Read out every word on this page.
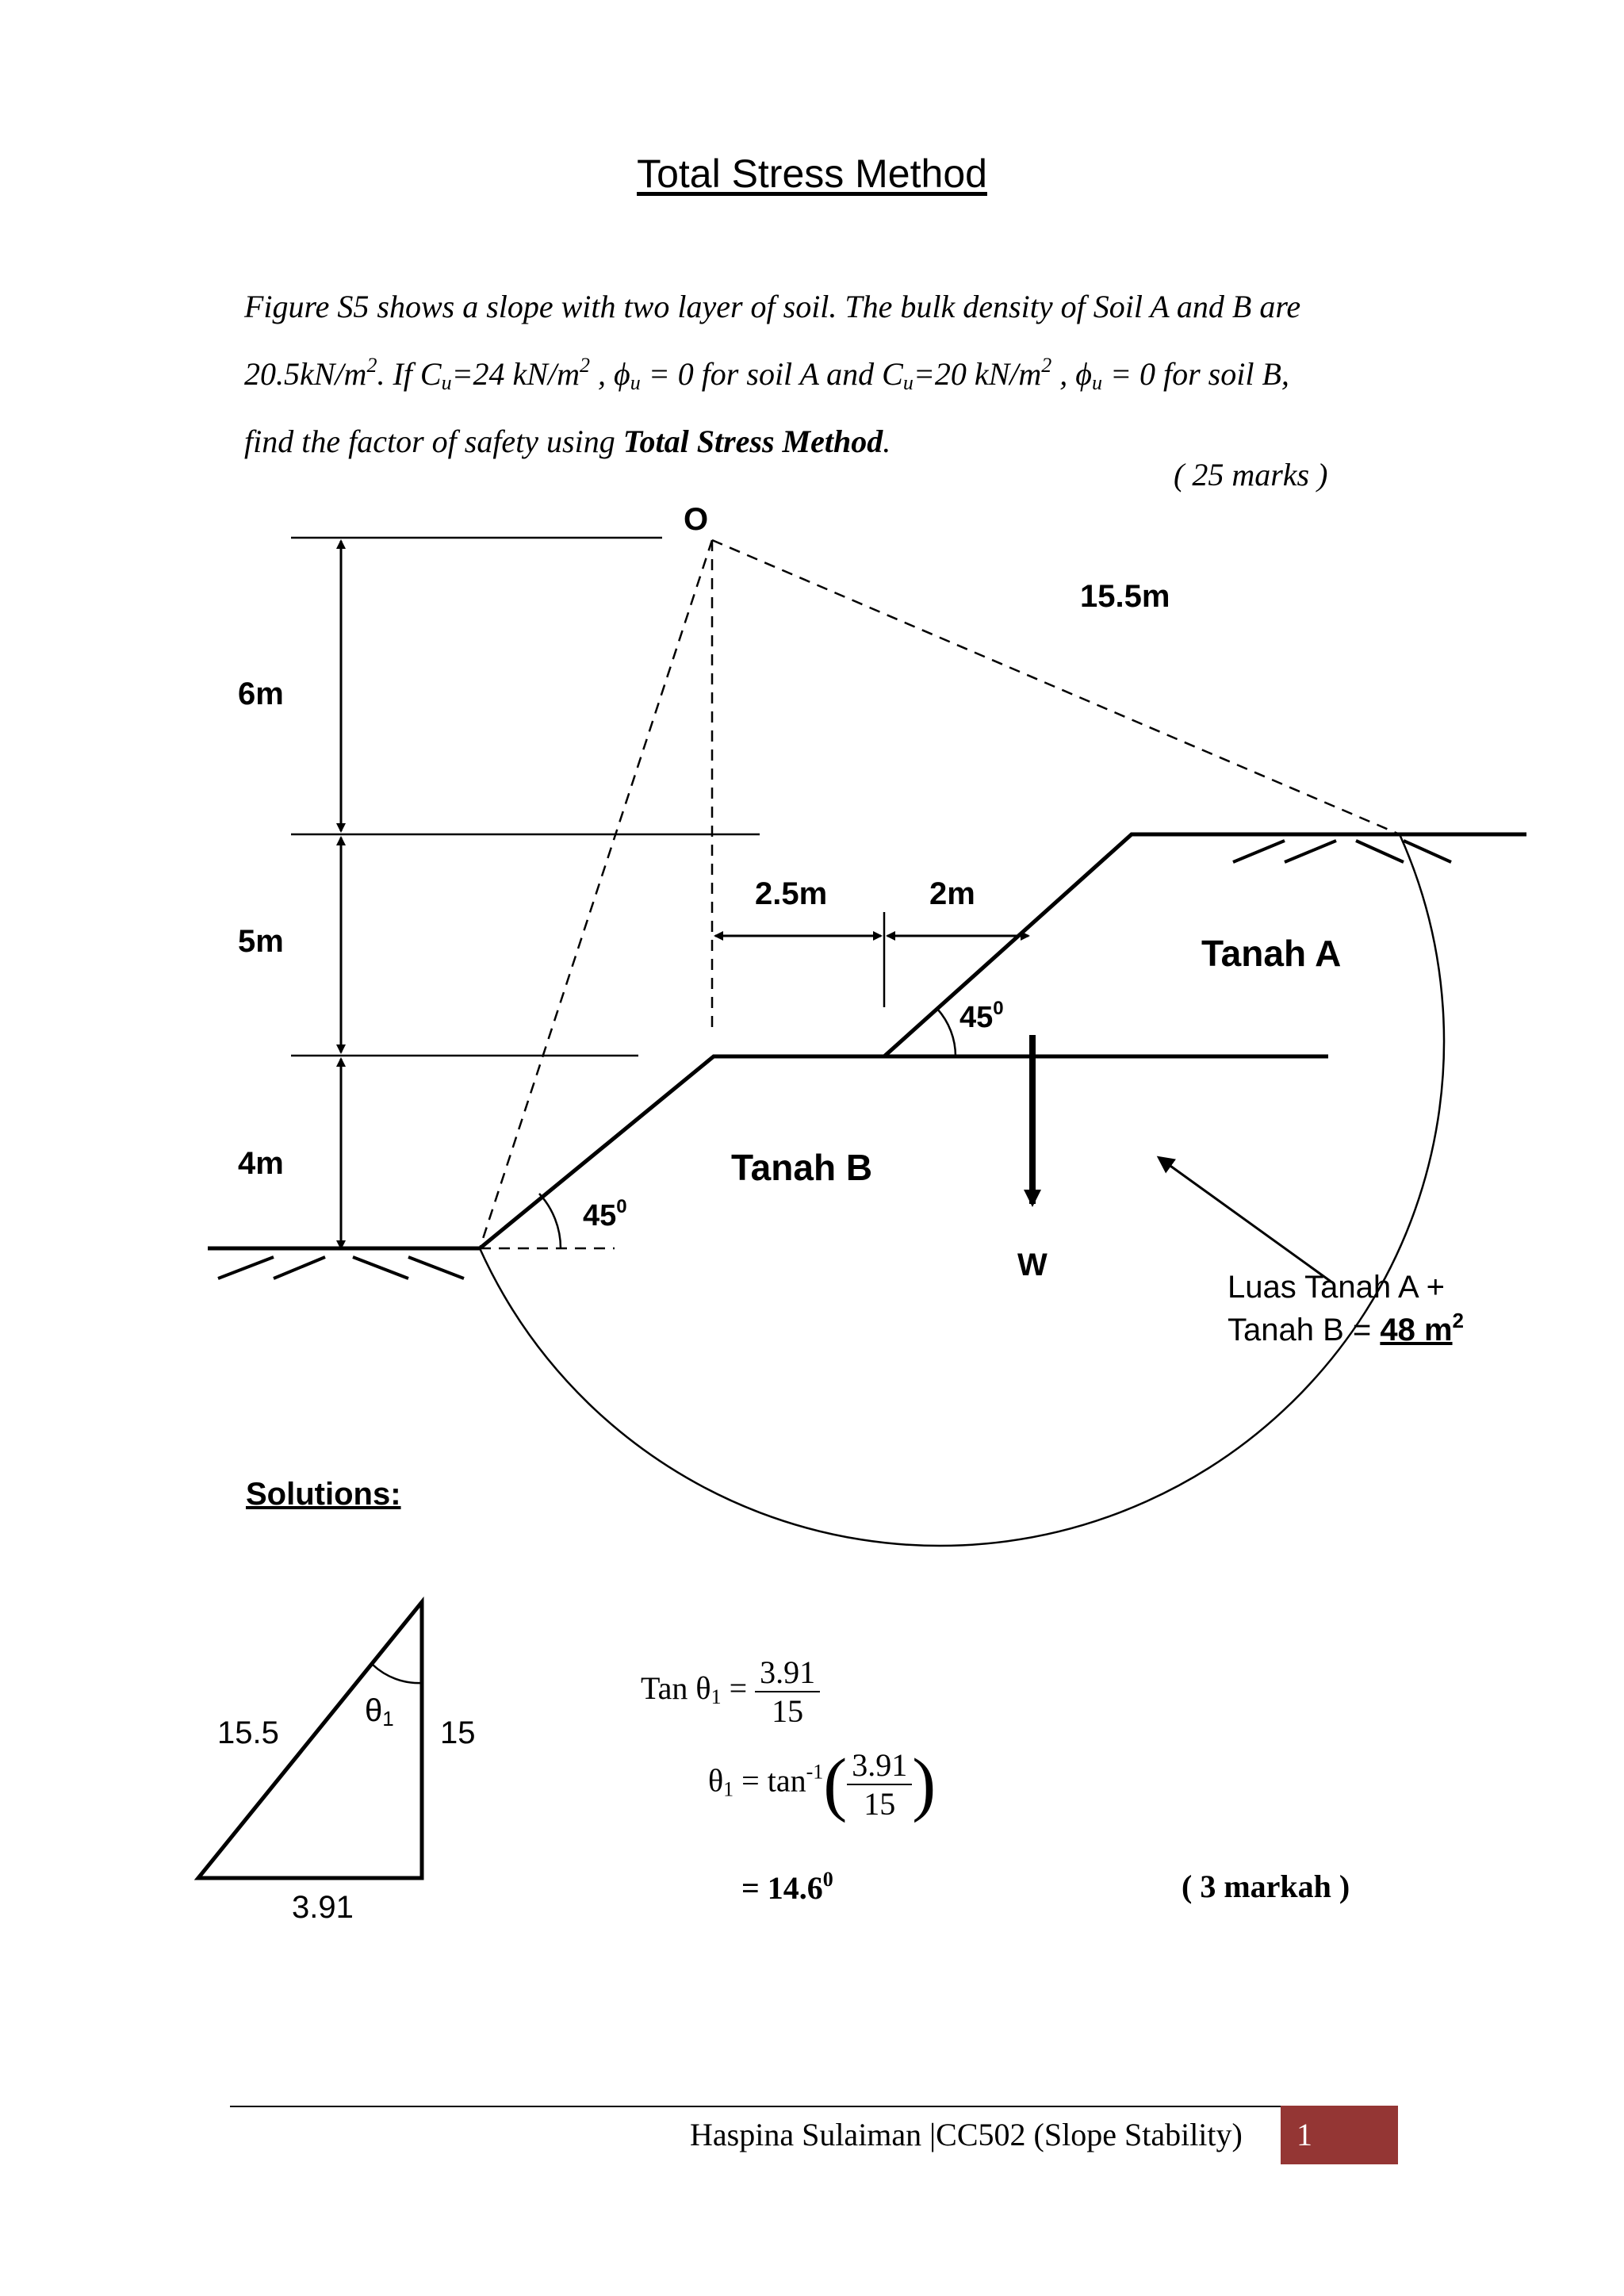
Total Stress Method
Figure S5 shows a slope with two layer of soil. The bulk density of Soil A and B are
$20.5kN/m^2$. If $C_u=24$ $kN/m^2$ , $\phi_u = 0$ for soil A and $C_u=20$ $kN/m^2$ , $\phi_u = 0$ for soil B,
find the factor of safety using Total Stress Method.
( 25 marks )
O
15.5m
6m
5m
4m
2.5m	2m
$45^0$
$45^0$
Tanah A
Tanah B
W
Luas Tanah A +
Tanah B = 48 $m^2$
15.5	15
3.91
θ1
Solutions:
Tan $\theta_1 = \frac{3.91}{15}$
$\theta_1 = \tan^{-1}( \frac{3.91}{15}$ )
= $14.6^0$	( 3 markah )
Haspina Sulaiman |CC502 (Slope Stability)	1
